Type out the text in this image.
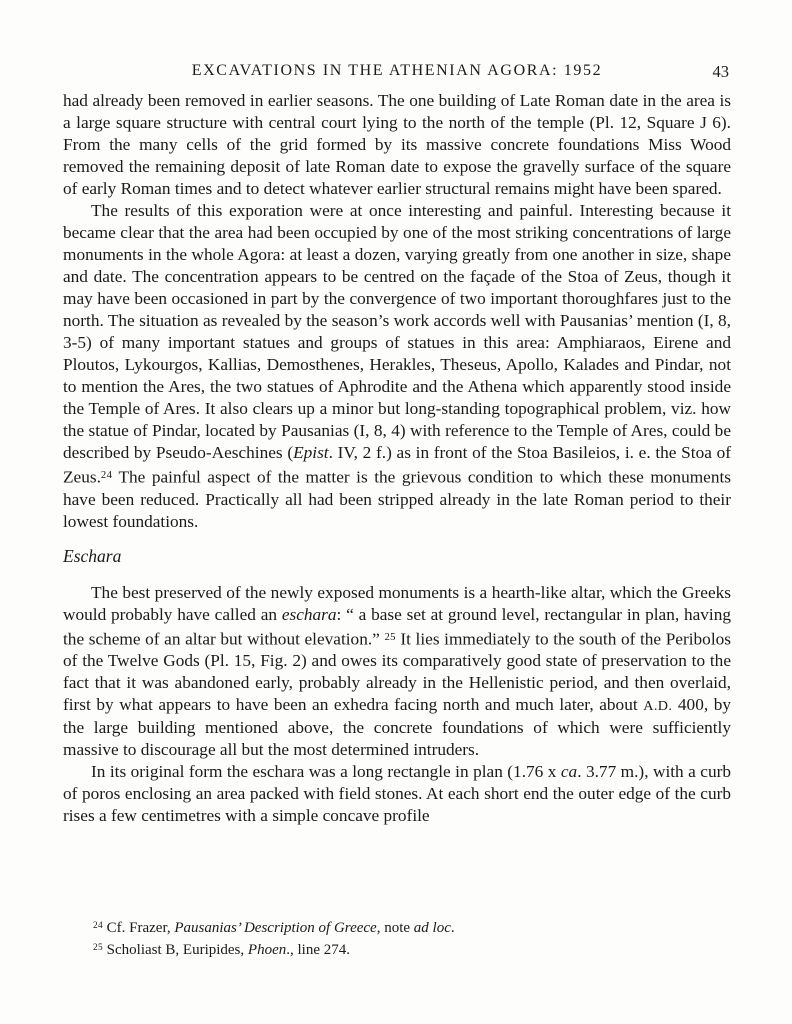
EXCAVATIONS IN THE ATHENIAN AGORA: 1952	43

had already been removed in earlier seasons. The one building of Late Roman date in the area is a large square structure with central court lying to the north of the temple (Pl. 12, Square J 6). From the many cells of the grid formed by its massive concrete foundations Miss Wood removed the remaining deposit of late Roman date to expose the gravelly surface of the square of early Roman times and to detect whatever earlier structural remains might have been spared.

The results of this exporation were at once interesting and painful. Interesting because it became clear that the area had been occupied by one of the most striking concentrations of large monuments in the whole Agora: at least a dozen, varying greatly from one another in size, shape and date. The concentration appears to be centred on the façade of the Stoa of Zeus, though it may have been occasioned in part by the convergence of two important thoroughfares just to the north. The situation as revealed by the season’s work accords well with Pausanias’ mention (I, 8, 3-5) of many important statues and groups of statues in this area: Amphiaraos, Eirene and Ploutos, Lykourgos, Kallias, Demosthenes, Herakles, Theseus, Apollo, Kalades and Pindar, not to mention the Ares, the two statues of Aphrodite and the Athena which apparently stood inside the Temple of Ares. It also clears up a minor but long-standing topographical problem, viz. how the statue of Pindar, located by Pausanias (I, 8, 4) with reference to the Temple of Ares, could be described by Pseudo-Aeschines (Epist. IV, 2 f.) as in front of the Stoa Basileios, i. e. the Stoa of Zeus.$^{24}$ The painful aspect of the matter is the grievous condition to which these monuments have been reduced. Practically all had been stripped already in the late Roman period to their lowest foundations.

Eschara

The best preserved of the newly exposed monuments is a hearth-like altar, which the Greeks would probably have called an eschara: “ a base set at ground level, rectangular in plan, having the scheme of an altar but without elevation.” $^{25}$ It lies immediately to the south of the Peribolos of the Twelve Gods (Pl. 15, Fig. 2) and owes its comparatively good state of preservation to the fact that it was abandoned early, probably already in the Hellenistic period, and then overlaid, first by what appears to have been an exhedra facing north and much later, about A.D. 400, by the large building mentioned above, the concrete foundations of which were sufficiently massive to discourage all but the most determined intruders.

In its original form the eschara was a long rectangle in plan (1.76 x ca. 3.77 m.), with a curb of poros enclosing an area packed with field stones. At each short end the outer edge of the curb rises a few centimetres with a simple concave profile

$^{24}$ Cf. Frazer, Pausanias’ Description of Greece, note ad loc.

$^{25}$ Scholiast B, Euripides, Phoen., line 274.
